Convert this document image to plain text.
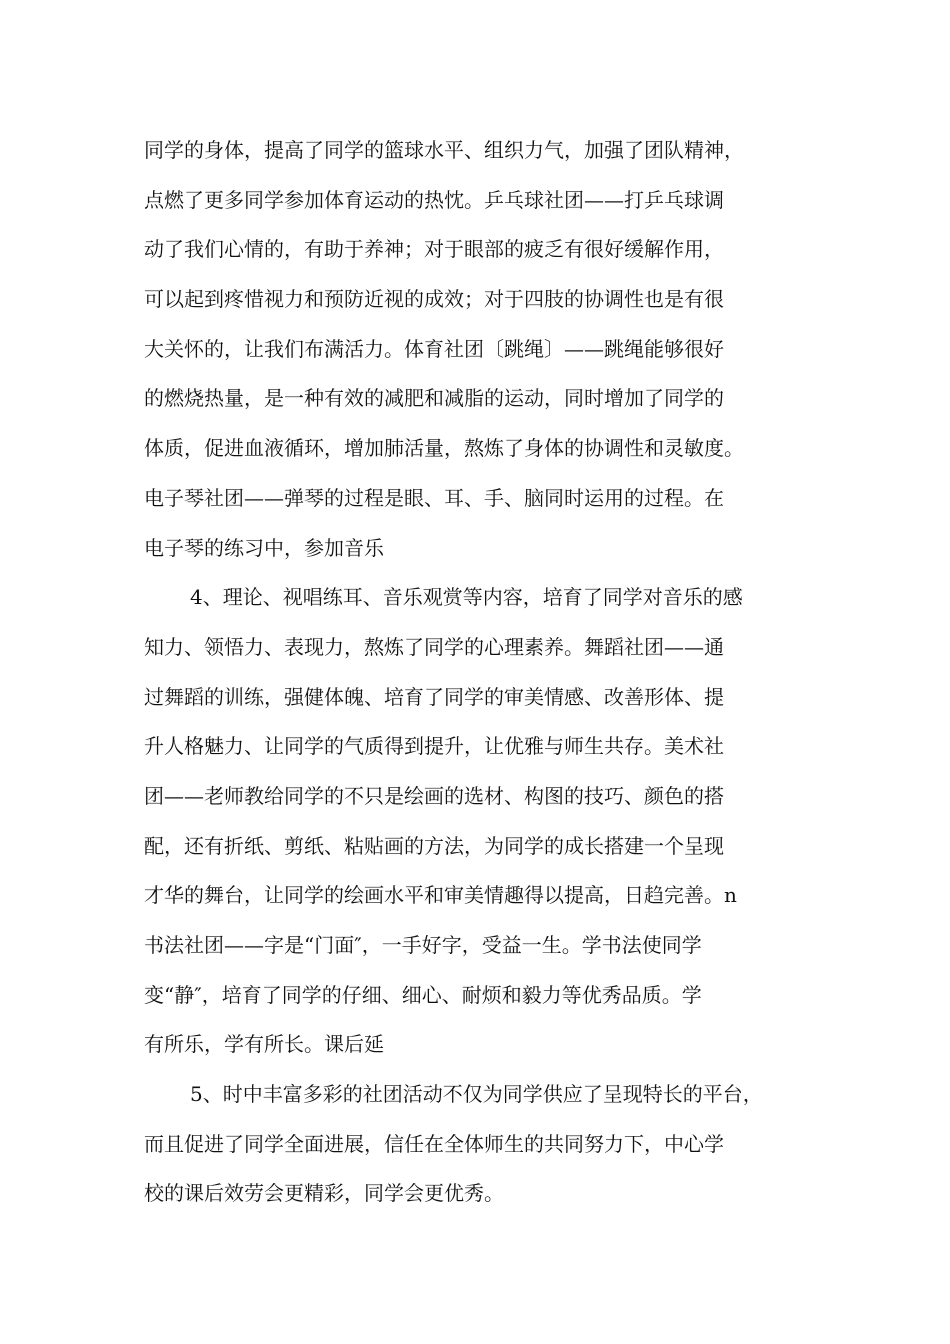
同学的身体，提高了同学的篮球水平、组织力气，加强了团队精神，
点燃了更多同学参加体育运动的热忱。乒乓球社团——打乒乓球调
动了我们心情的，有助于养神；对于眼部的疲乏有很好缓解作用，
可以起到疼惜视力和预防近视的成效；对于四肢的协调性也是有很
大关怀的，让我们布满活力。体育社团〔跳绳〕——跳绳能够很好
的燃烧热量，是一种有效的减肥和减脂的运动，同时增加了同学的
体质，促进血液循环，增加肺活量，熬炼了身体的协调性和灵敏度。
电子琴社团——弹琴的过程是眼、耳、手、脑同时运用的过程。在
电子琴的练习中，参加音乐
4、理论、视唱练耳、音乐观赏等内容，培育了同学对音乐的感
知力、领悟力、表现力，熬炼了同学的心理素养。舞蹈社团——通
过舞蹈的训练，强健体魄、培育了同学的审美情感、改善形体、提
升人格魅力、让同学的气质得到提升，让优雅与师生共存。美术社
团——老师教给同学的不只是绘画的选材、构图的技巧、颜色的搭
配，还有折纸、剪纸、粘贴画的方法，为同学的成长搭建一个呈现
才华的舞台，让同学的绘画水平和审美情趣得以提高，日趋完善。n
书法社团——字是“门面″，一手好字，受益一生。学书法使同学
变“静″，培育了同学的仔细、细心、耐烦和毅力等优秀品质。学
有所乐，学有所长。课后延
5、时中丰富多彩的社团活动不仅为同学供应了呈现特长的平台，
而且促进了同学全面进展，信任在全体师生的共同努力下，中心学
校的课后效劳会更精彩，同学会更优秀。
